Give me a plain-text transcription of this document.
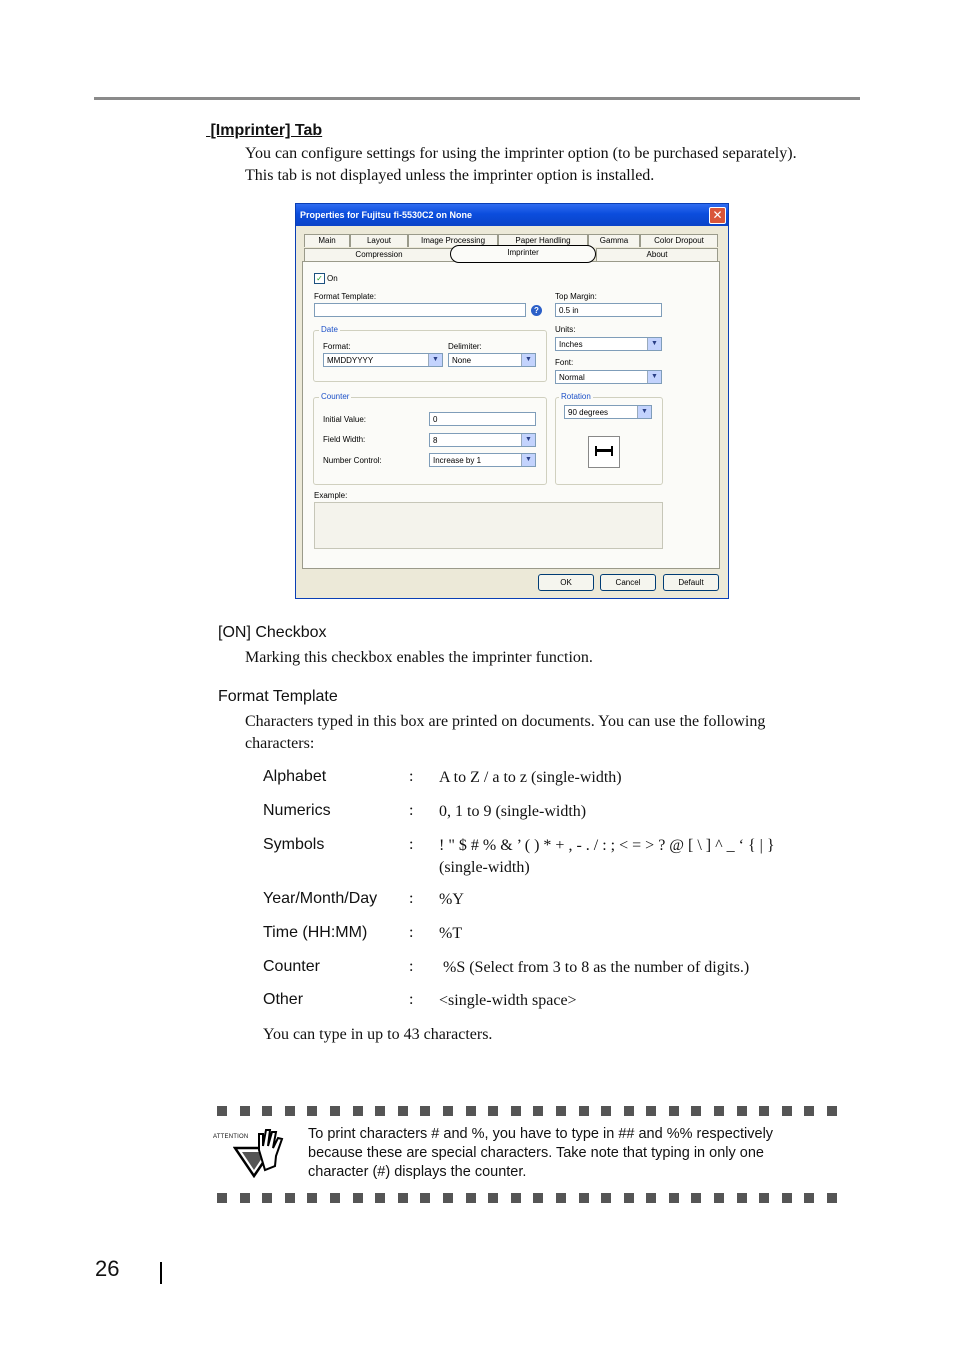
[Imprinter] Tab
You can configure settings for using the imprinter option (to be purchased separately).
This tab is not displayed unless the imprinter option is installed.
Properties for Fujitsu fi-5530C2 on None	✕
Main	Layout	Image Processing	Paper Handling	Gamma	Color Dropout
Compression	Imprinter	About
✓ On
Format Template:
?
Date
Format:
MMDDYYYY	▼
Delimiter:
None	▼
Counter
Initial Value:	0
Field Width:	8	▼
Number Control:	Increase by 1	▼
Top Margin:
0.5 in
Units:
Inches	▼
Font:
Normal	▼
Rotation
90 degrees	▼
Example:
OK	Cancel	Default
[ON] Checkbox
Marking this checkbox enables the imprinter function.
Format Template
Characters typed in this box are printed on documents. You can use the following
characters:
Alphabet	: A to Z / a to z (single-width)
Numerics	: 0, 1 to 9 (single-width)
Symbols	: ! " $ # % & ’ ( ) * + , - . / : ; < = > ? @ [ \ ] ^ _ ‘ { | }
(single-width)
Year/Month/Day : %Y
Time (HH:MM)	: %T
Counter	: %S (Select from 3 to 8 as the number of digits.)
Other	: <single-width space>
You can type in up to 43 characters.
ATTENTION	To print characters # and %, you have to type in ## and %% respectively
because these are special characters. Take note that typing in only one
character (#) displays the counter.
26
